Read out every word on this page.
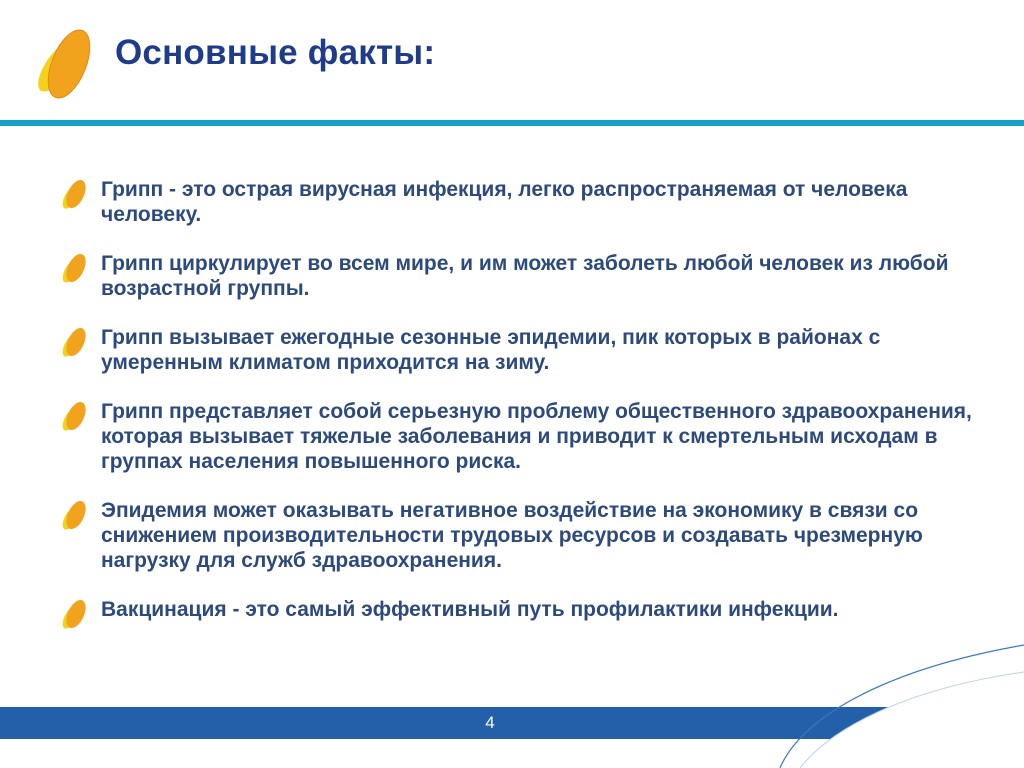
Основные факты:
Грипп - это острая вирусная инфекция, легко распространяемая от человека человеку.
Грипп циркулирует во всем мире, и им может заболеть любой человек из любой возрастной группы.
Грипп вызывает ежегодные сезонные эпидемии, пик которых в районах с умеренным климатом приходится на зиму.
Грипп представляет собой серьезную проблему общественного здравоохранения, которая вызывает тяжелые заболевания и приводит к смертельным исходам в группах населения повышенного риска.
Эпидемия может оказывать негативное воздействие на экономику в связи со снижением производительности трудовых ресурсов и создавать чрезмерную нагрузку для служб здравоохранения.
Вакцинация - это самый эффективный путь профилактики инфекции.
4
